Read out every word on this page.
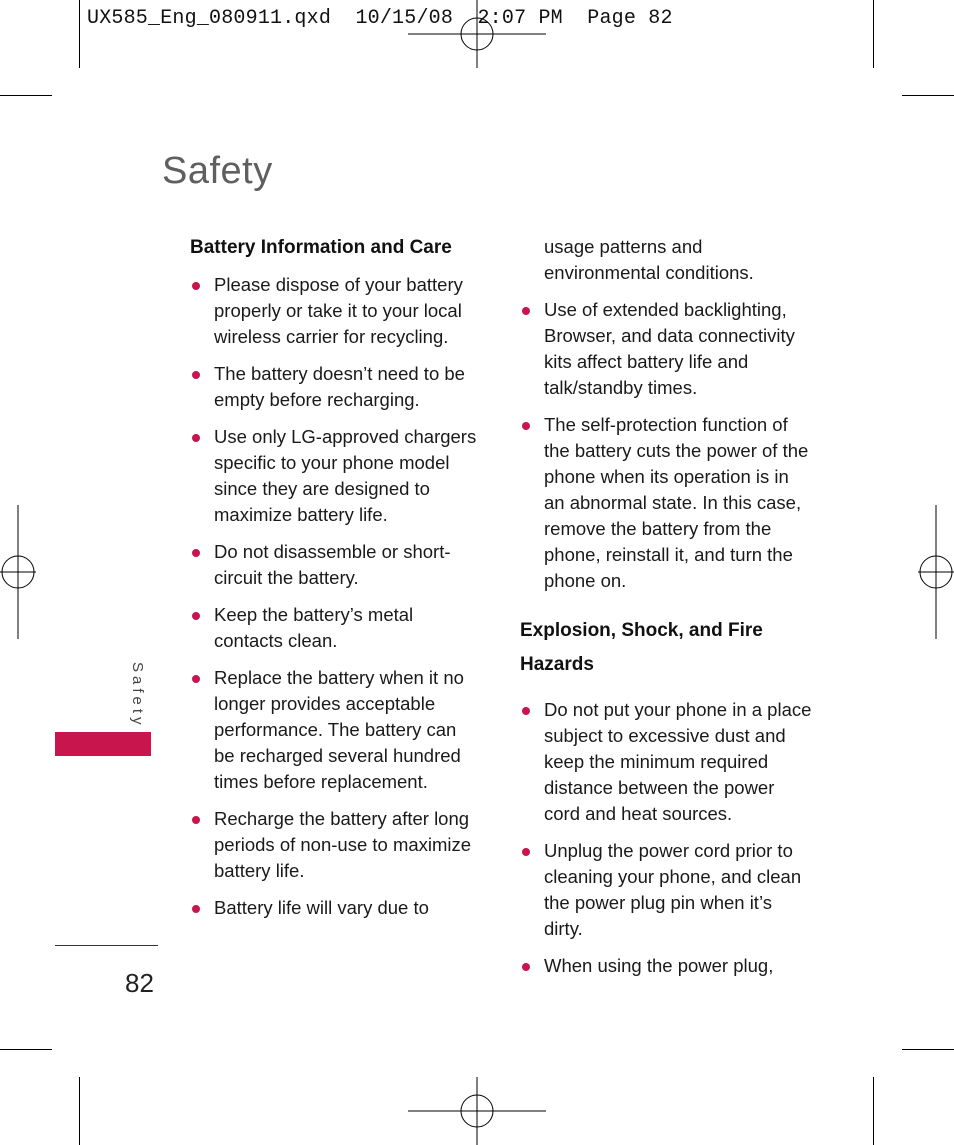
UX585_Eng_080911.qxd  10/15/08  2:07 PM  Page 82
Safety
Battery Information and Care
Please dispose of your battery properly or take it to your local wireless carrier for recycling.
The battery doesn’t need to be empty before recharging.
Use only LG-approved chargers specific to your phone model since they are designed to maximize battery life.
Do not disassemble or short-circuit the battery.
Keep the battery’s metal contacts clean.
Replace the battery when it no longer provides acceptable performance. The battery can be recharged several hundred times before replacement.
Recharge the battery after long periods of non-use to maximize battery life.
Battery life will vary due to

usage patterns and environmental conditions.

Use of extended backlighting, Browser, and data connectivity kits affect battery life and talk/standby times.
The self-protection function of the battery cuts the power of the phone when its operation is in an abnormal state. In this case, remove the battery from the phone, reinstall it, and turn the phone on.
Explosion, Shock, and Fire Hazards
Do not put your phone in a place subject to excessive dust and keep the minimum required distance between the power cord and heat sources.
Unplug the power cord prior to cleaning your phone, and clean the power plug pin when it’s dirty.
When using the power plug,
Safety
82
